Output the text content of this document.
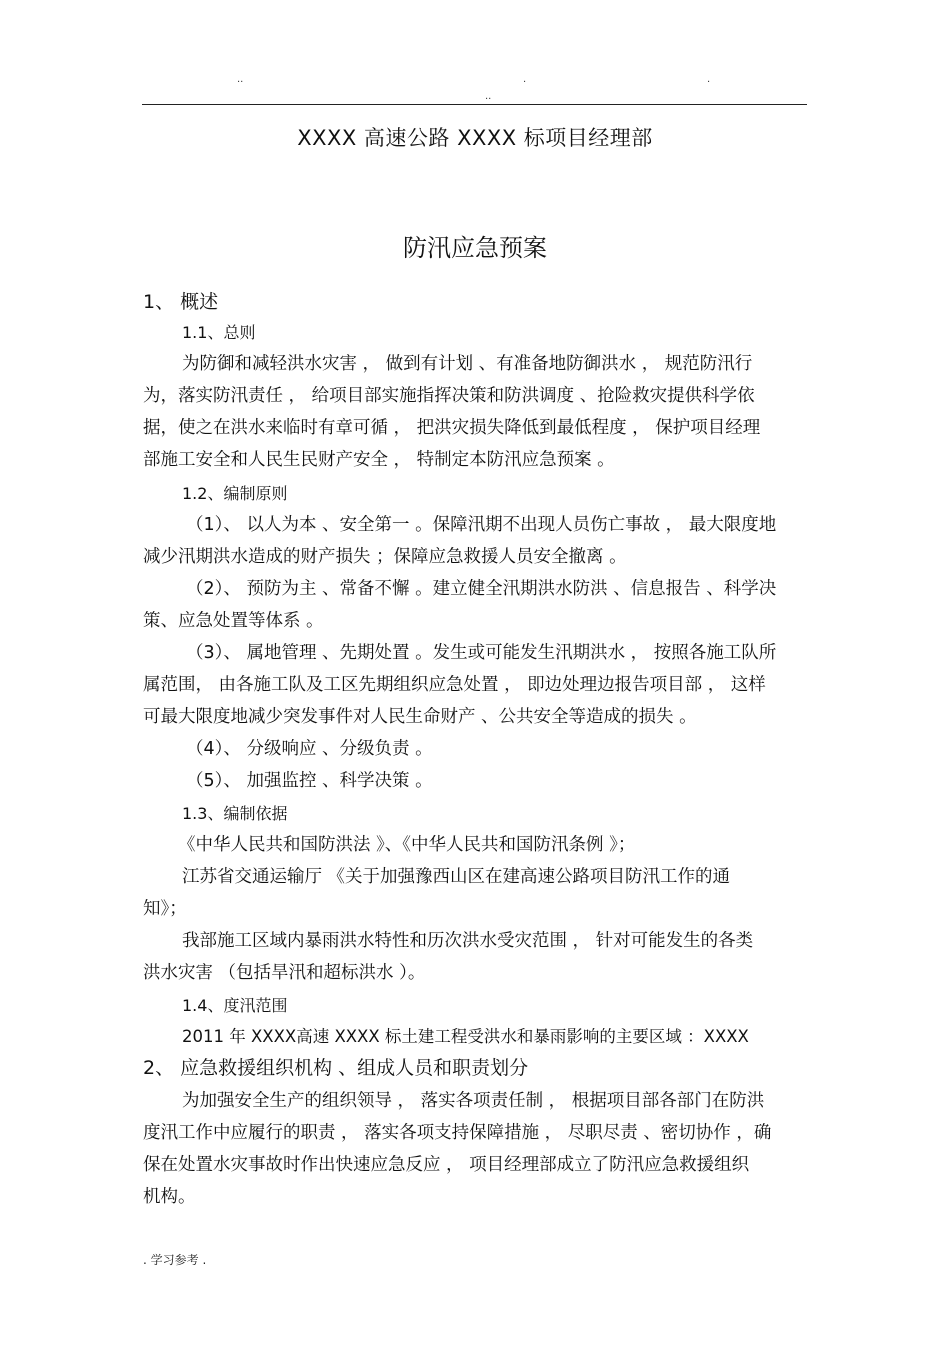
..	.	.
..
XXXX 高速公路 XXXX 标项目经理部
防汛应急预案
1、 概述
1.1、总则
为防御和减轻洪水灾害 ， 做到有计划 、有准备地防御洪水 ， 规范防汛行
为，落实防汛责任 ， 给项目部实施指挥决策和防洪调度 、抢险救灾提供科学依
据，使之在洪水来临时有章可循 ， 把洪灾损失降低到最低程度 ， 保护项目经理
部施工安全和人民生民财产安全 ， 特制定本防汛应急预案 。
1.2、编制原则
（1）、 以人为本 、安全第一 。保障汛期不出现人员伤亡事故 ， 最大限度地
减少汛期洪水造成的财产损失 ；保障应急救援人员安全撤离 。
（2）、 预防为主 、常备不懈 。建立健全汛期洪水防洪 、信息报告 、科学决
策、应急处置等体系 。
（3）、 属地管理 、先期处置 。发生或可能发生汛期洪水 ， 按照各施工队所
属范围， 由各施工队及工区先期组织应急处置 ， 即边处理边报告项目部 ， 这样
可最大限度地减少突发事件对人民生命财产 、公共安全等造成的损失 。
（4）、 分级响应 、分级负责 。
（5）、 加强监控 、科学决策 。
1.3、编制依据
《中华人民共和国防洪法 》、《中华人民共和国防汛条例 》；
江苏省交通运输厅 《关于加强豫西山区在建高速公路项目防汛工作的通
知》；
我部施工区域内暴雨洪水特性和历次洪水受灾范围 ， 针对可能发生的各类
洪水灾害 （包括旱汛和超标洪水 ）。
1.4、度汛范围
2011 年 XXXX高速 XXXX 标土建工程受洪水和暴雨影响的主要区域 ：XXXX
2、 应急救援组织机构 、组成人员和职责划分
为加强安全生产的组织领导 ， 落实各项责任制 ， 根据项目部各部门在防洪
度汛工作中应履行的职责 ， 落实各项支持保障措施 ， 尽职尽责 、密切协作 ，确
保在处置水灾事故时作出快速应急反应 ， 项目经理部成立了防汛应急救援组织
机构。
. 学习参考 .
